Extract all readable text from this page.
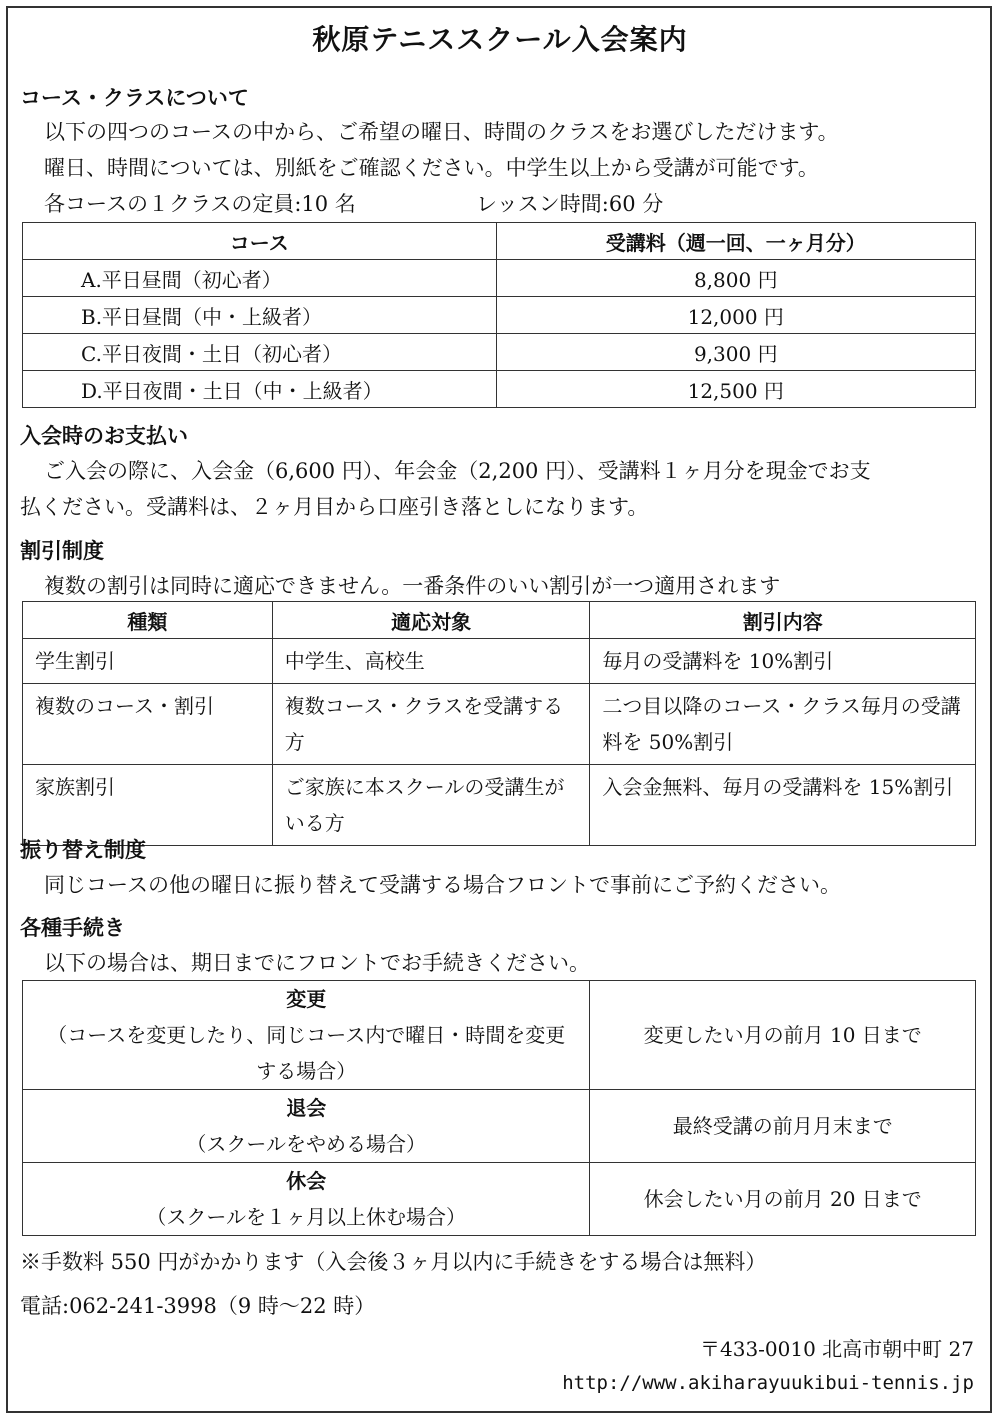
秋原テニススクール入会案内
コース・クラスについて
以下の四つのコースの中から、ご希望の曜日、時間のクラスをお選びしただけます。
曜日、時間については、別紙をご確認ください。中学生以上から受講が可能です。
各コースの１クラスの定員:10 名	レッスン時間:60 分
コース	受講料（週一回、一ヶ月分）
A.平日昼間（初心者）	8,800 円
B.平日昼間（中・上級者）	12,000 円
C.平日夜間・土日（初心者）	9,300 円
D.平日夜間・土日（中・上級者）	12,500 円
入会時のお支払い
ご入会の際に、入会金（6,600 円）、年会金（2,200 円）、受講料１ヶ月分を現金でお支
払ください。受講料は、２ヶ月目から口座引き落としになります。
割引制度
複数の割引は同時に適応できません。一番条件のいい割引が一つ適用されます
種類	適応対象	割引内容
学生割引	中学生、高校生	毎月の受講料を 10%割引
複数のコース・割引	複数コース・クラスを受講する方	二つ目以降のコース・クラス毎月の受講料を 50%割引
家族割引	ご家族に本スクールの受講生がいる方	入会金無料、毎月の受講料を 15%割引
振り替え制度
同じコースの他の曜日に振り替えて受講する場合フロントで事前にご予約ください。
各種手続き
以下の場合は、期日までにフロントでお手続きください。
変更
（コースを変更したり、同じコース内で曜日・時間を変更する場合）	変更したい月の前月 10 日まで

退会
（スクールをやめる場合）	最終受講の前月月末まで

休会
（スクールを１ヶ月以上休む場合）	休会したい月の前月 20 日まで
※手数料 550 円がかかります（入会後３ヶ月以内に手続きをする場合は無料）
電話:062-241-3998（9 時～22 時）
〒433-0010 北高市朝中町 27
http://www.akiharayuukibui-tennis.jp
